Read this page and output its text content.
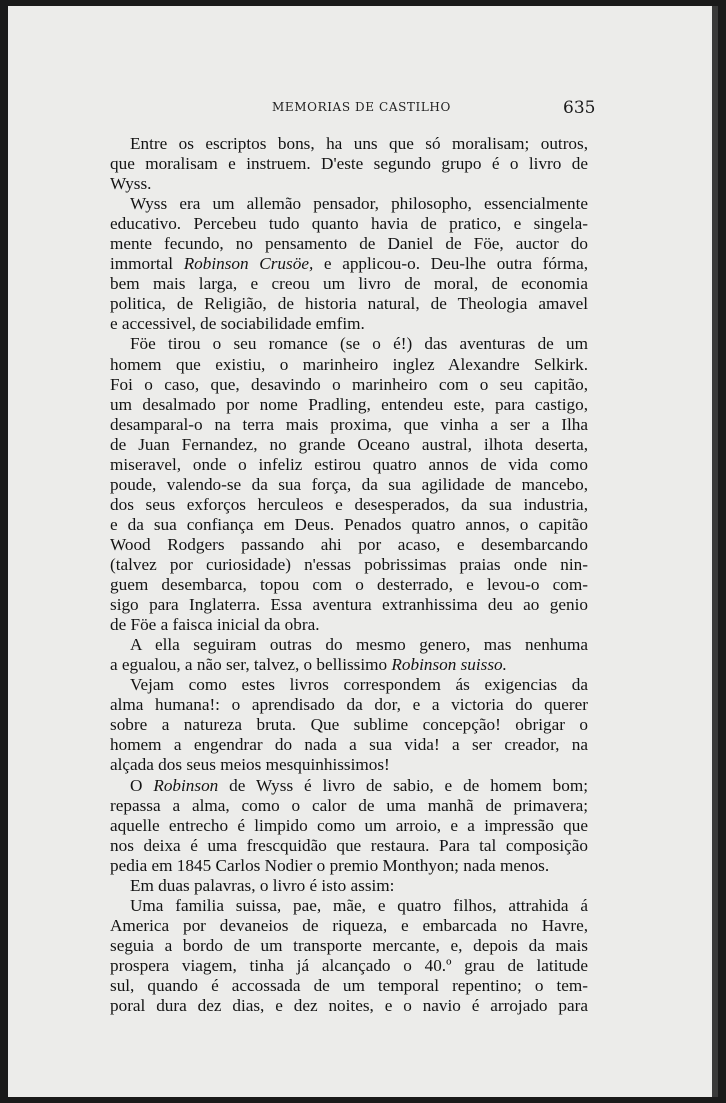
MEMORIAS DE CASTILHO	635
Entre os escriptos bons, ha uns que só moralisam; outros,
que moralisam e instruem. D'este segundo grupo é o livro de
Wyss.
Wyss era um allemão pensador, philosopho, essencialmente
educativo. Percebeu tudo quanto havia de pratico, e singela-
mente fecundo, no pensamento de Daniel de Föe, auctor do
immortal Robinson Crusöe, e applicou-o. Deu-lhe outra fórma,
bem mais larga, e creou um livro de moral, de economia
politica, de Religião, de historia natural, de Theologia amavel
e accessivel, de sociabilidade emfim.
Föe tirou o seu romance (se o é!) das aventuras de um
homem que existiu, o marinheiro inglez Alexandre Selkirk.
Foi o caso, que, desavindo o marinheiro com o seu capitão,
um desalmado por nome Pradling, entendeu este, para castigo,
desamparal-o na terra mais proxima, que vinha a ser a Ilha
de Juan Fernandez, no grande Oceano austral, ilhota deserta,
miseravel, onde o infeliz estirou quatro annos de vida como
poude, valendo-se da sua força, da sua agilidade de mancebo,
dos seus exforços herculeos e desesperados, da sua industria,
e da sua confiança em Deus. Penados quatro annos, o capitão
Wood Rodgers passando ahi por acaso, e desembarcando
(talvez por curiosidade) n'essas pobrissimas praias onde nin-
guem desembarca, topou com o desterrado, e levou-o com-
sigo para Inglaterra. Essa aventura extranhissima deu ao genio
de Föe a faisca inicial da obra.
A ella seguiram outras do mesmo genero, mas nenhuma
a egualou, a não ser, talvez, o bellissimo Robinson suisso.
Vejam como estes livros correspondem ás exigencias da
alma humana!: o aprendisado da dor, e a victoria do querer
sobre a natureza bruta. Que sublime concepção! obrigar o
homem a engendrar do nada a sua vida! a ser creador, na
alçada dos seus meios mesquinhissimos!
O Robinson de Wyss é livro de sabio, e de homem bom;
repassa a alma, como o calor de uma manhã de primavera;
aquelle entrecho é limpido como um arroio, e a impressão que
nos deixa é uma frescquidão que restaura. Para tal composição
pedia em 1845 Carlos Nodier o premio Monthyon; nada menos.
Em duas palavras, o livro é isto assim:
Uma familia suissa, pae, mãe, e quatro filhos, attrahida á
America por devaneios de riqueza, e embarcada no Havre,
seguia a bordo de um transporte mercante, e, depois da mais
prospera viagem, tinha já alcançado o 40.º grau de latitude
sul, quando é accossada de um temporal repentino; o tem-
poral dura dez dias, e dez noites, e o navio é arrojado para
